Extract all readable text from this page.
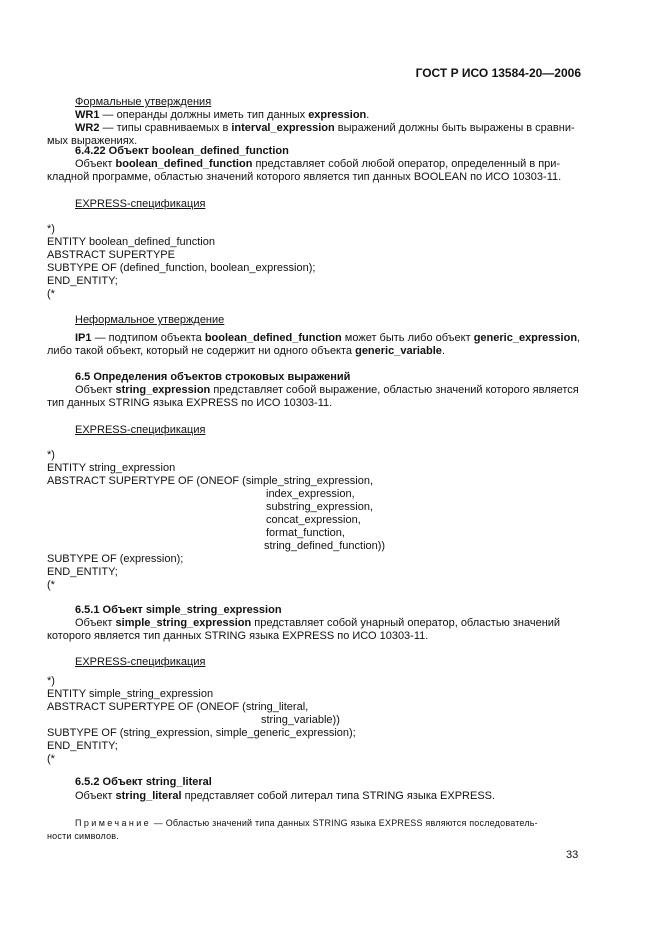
ГОСТ Р ИСО 13584-20—2006
Формальные утверждения
WR1 — операнды должны иметь тип данных expression.
WR2 — типы сравниваемых в interval_expression выражений должны быть выражены в сравни-
мых выражениях.
6.4.22 Объект boolean_defined_function
Объект boolean_defined_function представляет собой любой оператор, определенный в при-
кладной программе, областью значений которого является тип данных BOOLEAN по ИСО 10303-11.
EXPRESS-спецификация
*)
ENTITY boolean_defined_function
ABSTRACT SUPERTYPE
SUBTYPE OF (defined_function, boolean_expression);
END_ENTITY;
(*
Неформальное утверждение
IP1 — подтипом объекта boolean_defined_function может быть либо объект generic_expression,
либо такой объект, который не содержит ни одного объекта generic_variable.
6.5 Определения объектов строковых выражений
Объект string_expression представляет собой выражение, областью значений которого является
тип данных STRING языка EXPRESS по ИСО 10303-11.
EXPRESS-спецификация
*)
ENTITY string_expression
ABSTRACT SUPERTYPE OF (ONEOF (simple_string_expression,
index_expression,
substring_expression,
concat_expression,
format_function,
string_defined_function))
SUBTYPE OF (expression);
END_ENTITY;
(*
6.5.1 Объект simple_string_expression
Объект simple_string_expression представляет собой унарный оператор, областью значений
которого является тип данных STRING языка EXPRESS по ИСО 10303-11.
EXPRESS-спецификация
*)
ENTITY simple_string_expression
ABSTRACT SUPERTYPE OF (ONEOF (string_literal,
string_variable))
SUBTYPE OF (string_expression, simple_generic_expression);
END_ENTITY;
(*
6.5.2 Объект string_literal
Объект string_literal представляет собой литерал типа STRING языка EXPRESS.
Примечание — Областью значений типа данных STRING языка EXPRESS являются последователь-
ности символов.
33
